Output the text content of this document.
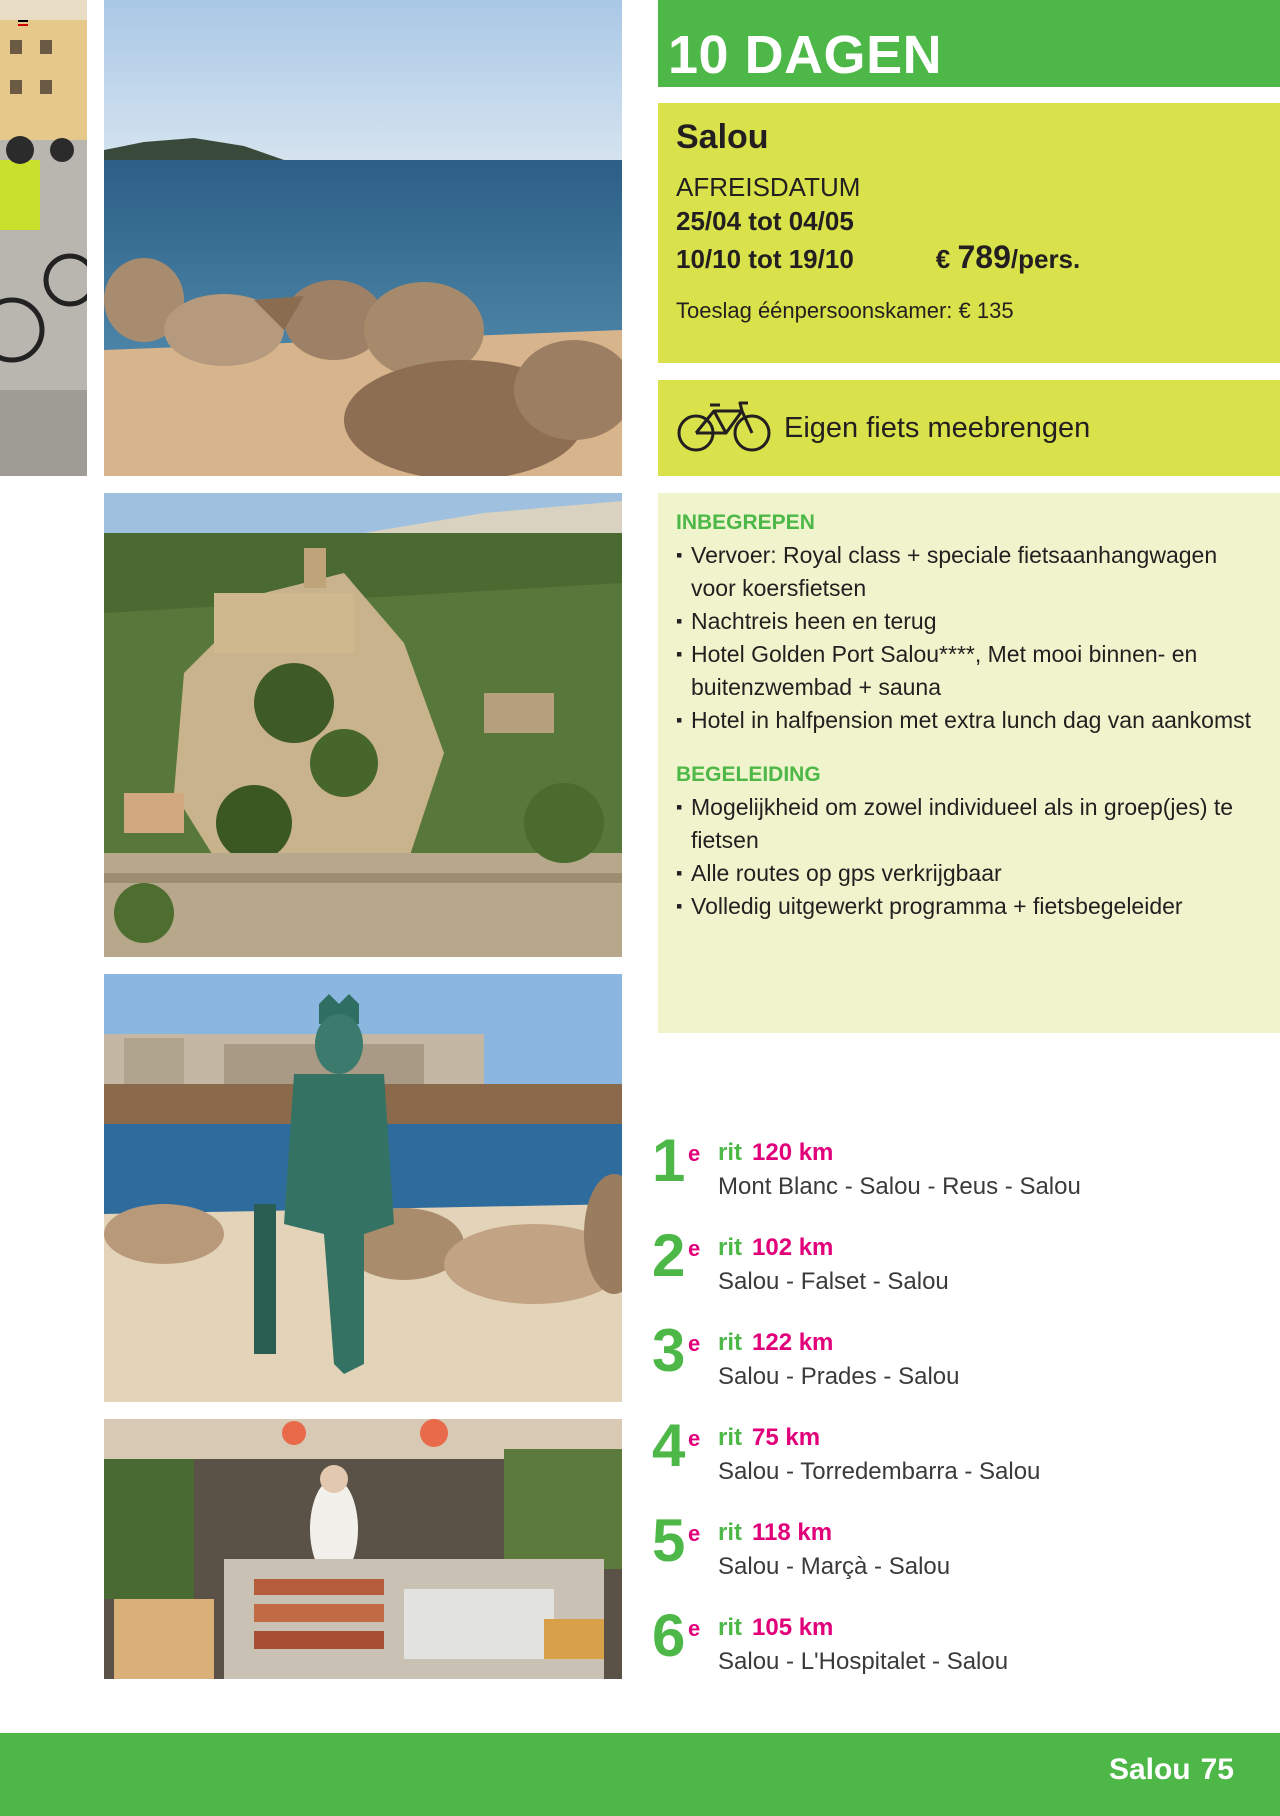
10 DAGEN
Salou
AFREISDATUM
25/04 tot 04/05
10/10 tot 19/10	€ 789/pers.
Toeslag éénpersoonskamer: € 135
Eigen fiets meebrengen
INBEGREPEN
▪ Vervoer: Royal class + speciale fietsaanhangwagen voor koersfietsen
▪ Nachtreis heen en terug
▪ Hotel Golden Port Salou****, Met mooi binnen- en buitenzwembad + sauna
▪ Hotel in halfpension met extra lunch dag van aankomst
BEGELEIDING
▪ Mogelijkheid om zowel individueel als in groep(jes) te fietsen
▪ Alle routes op gps verkrijgbaar
▪ Volledig uitgewerkt programma + fietsbegeleider
1 e rit 120 km
Mont Blanc - Salou - Reus - Salou
2 e rit 102 km
Salou - Falset - Salou
3 e rit 122 km
Salou - Prades - Salou
4 e rit 75 km
Salou - Torredembarra - Salou
5 e rit 118 km
Salou - Marçà - Salou
6 e rit 105 km
Salou - L'Hospitalet - Salou
Salou 75
